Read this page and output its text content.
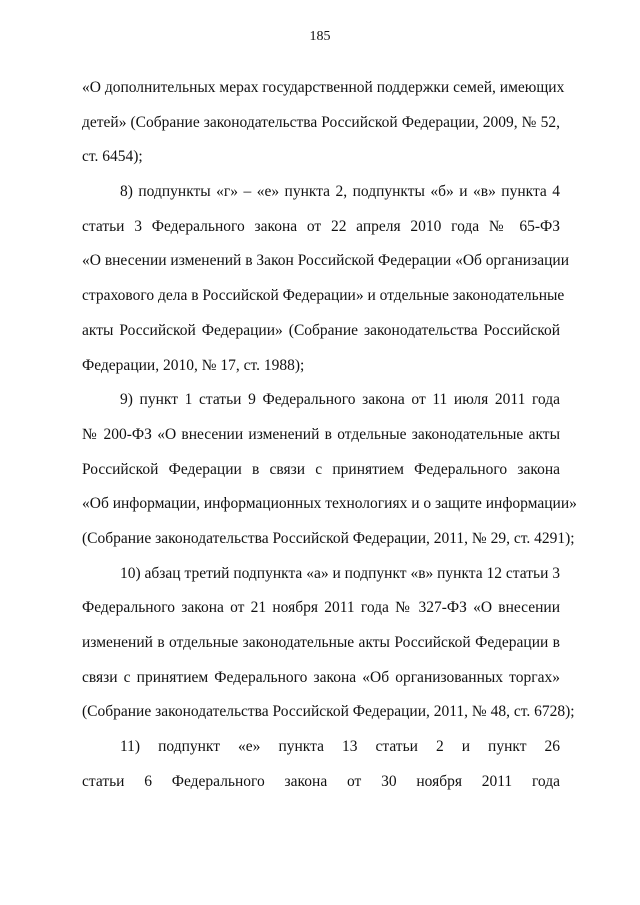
185
«О дополнительных мерах государственной поддержки семей, имеющих
детей» (Собрание законодательства Российской Федерации, 2009, № 52,
ст. 6454);
8) подпункты «г» – «е» пункта 2, подпункты «б» и «в» пункта 4
статьи 3 Федерального закона от 22 апреля 2010 года № 65-ФЗ
«О внесении изменений в Закон Российской Федерации «Об организации
страхового дела в Российской Федерации» и отдельные законодательные
акты Российской Федерации» (Собрание законодательства Российской
Федерации, 2010, № 17, ст. 1988);
9) пункт 1 статьи 9 Федерального закона от 11 июля 2011 года
№ 200-ФЗ «О внесении изменений в отдельные законодательные акты
Российской Федерации в связи с принятием Федерального закона
«Об информации, информационных технологиях и о защите информации»
(Собрание законодательства Российской Федерации, 2011, № 29, ст. 4291);
10) абзац третий подпункта «а» и подпункт «в» пункта 12 статьи 3
Федерального закона от 21 ноября 2011 года № 327-ФЗ «О внесении
изменений в отдельные законодательные акты Российской Федерации в
связи с принятием Федерального закона «Об организованных торгах»
(Собрание законодательства Российской Федерации, 2011, № 48, ст. 6728);
11) подпункт «е» пункта 13 статьи 2 и пункт 26
статьи 6 Федерального закона от 30 ноября 2011 года
